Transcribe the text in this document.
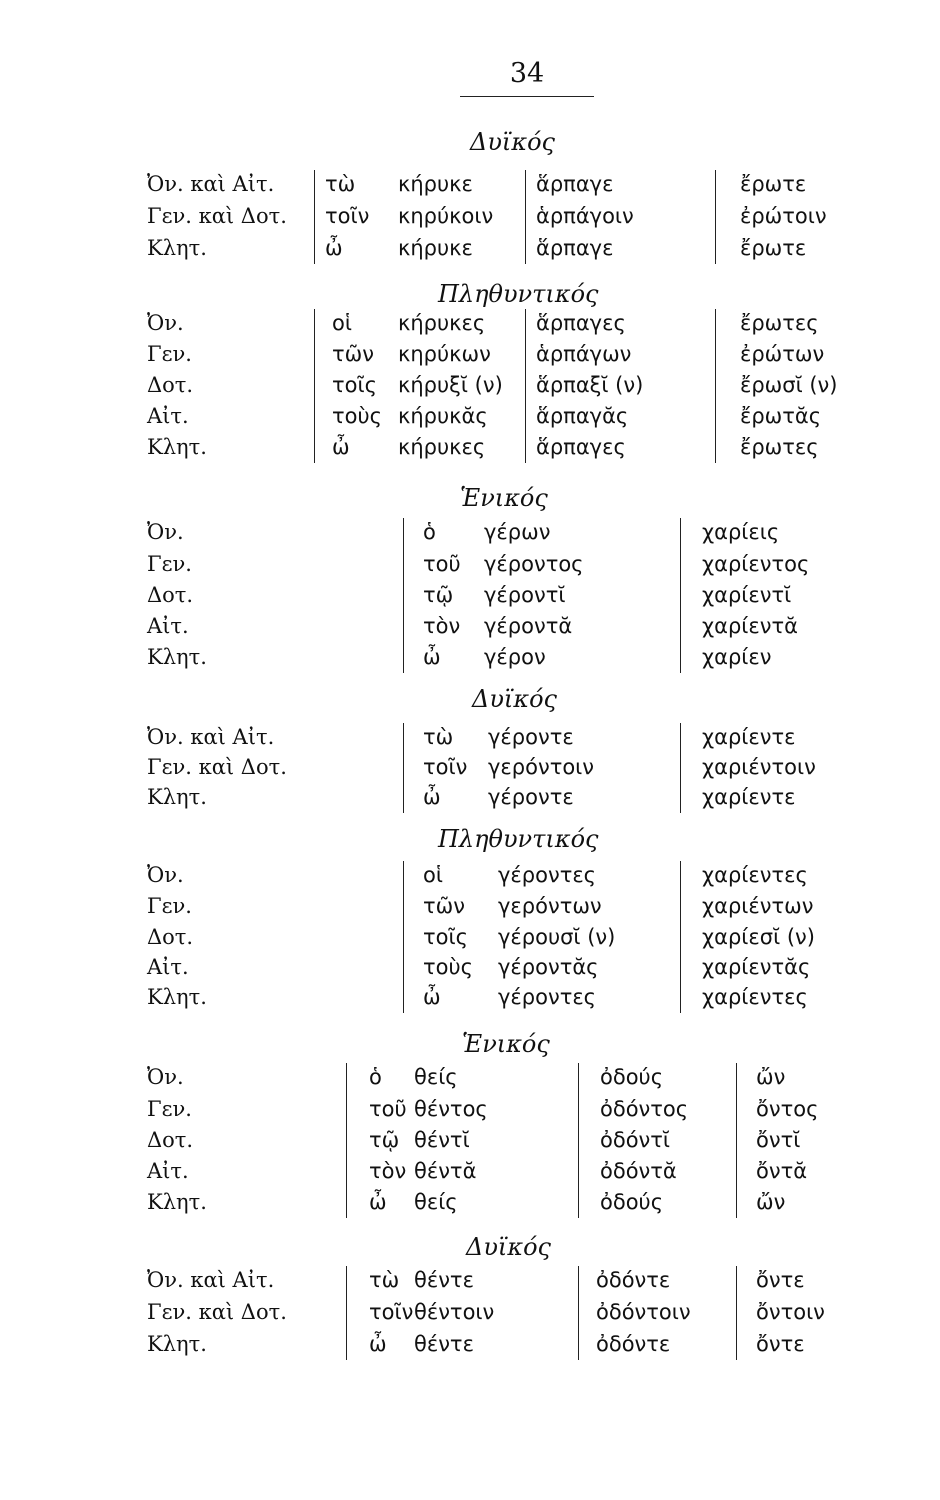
34
Δυϊκός
Ὀν. καὶ Αἰτ.
Γεν. καὶ Δοτ.
Κλητ.
τὼ
τοῖν
ὦ
κήρυκε
κηρύκοιν
κήρυκε
ἅρπαγε
ἁρπάγοιν
ἅρπαγε
ἔρωτε
ἐρώτοιν
ἔρωτε
Πληθυντικός
Ὀν.
Γεν.
Δοτ.
Αἰτ.
Κλητ.
οἱ
τῶν
τοῖς
τοὺς
ὦ
κήρυκες
κηρύκων
κήρυξῐ (ν)
κήρυκᾰς
κήρυκες
ἅρπαγες
ἁρπάγων
ἅρπαξῐ (ν)
ἅρπαγᾰς
ἅρπαγες
ἔρωτες
ἐρώτων
ἔρωσῐ (ν)
ἔρωτᾰς
ἔρωτες
Ἑνικός
Ὀν.
Γεν.
Δοτ.
Αἰτ.
Κλητ.
ὁ
τοῦ
τῷ
τὸν
ὦ
γέρων
γέροντος
γέροντῐ
γέροντᾰ
γέρον
χαρίεις
χαρίεντος
χαρίεντῐ
χαρίεντᾰ
χαρίεν
Δυϊκός
Ὀν. καὶ Αἰτ.
Γεν. καὶ Δοτ.
Κλητ.
τὼ
τοῖν
ὦ
γέροντε
γερόντοιν
γέροντε
χαρίεντε
χαριέντοιν
χαρίεντε
Πληθυντικός
Ὀν.
Γεν.
Δοτ.
Αἰτ.
Κλητ.
οἱ
τῶν
τοῖς
τοὺς
ὦ
γέροντες
γερόντων
γέρουσῐ (ν)
γέροντᾰς
γέροντες
χαρίεντες
χαριέντων
χαρίεσῐ (ν)
χαρίεντᾰς
χαρίεντες
Ἑνικός
Ὀν.
Γεν.
Δοτ.
Αἰτ.
Κλητ.
ὁ
τοῦ
τῷ
τὸν
ὦ
θείς
θέντος
θέντῐ
θέντᾰ
θείς
ὀδούς
ὀδόντος
ὀδόντῐ
ὀδόντᾰ
ὀδούς
ὤν
ὄντος
ὄντῐ
ὄντᾰ
ὤν
Δυϊκός
Ὀν. καὶ Αἰτ.
Γεν. καὶ Δοτ.
Κλητ.
τὼ
τοῖν
ὦ
θέντε
θέντοιν
θέντε
ὀδόντε
ὀδόντοιν
ὀδόντε
ὄντε
ὄντοιν
ὄντε
